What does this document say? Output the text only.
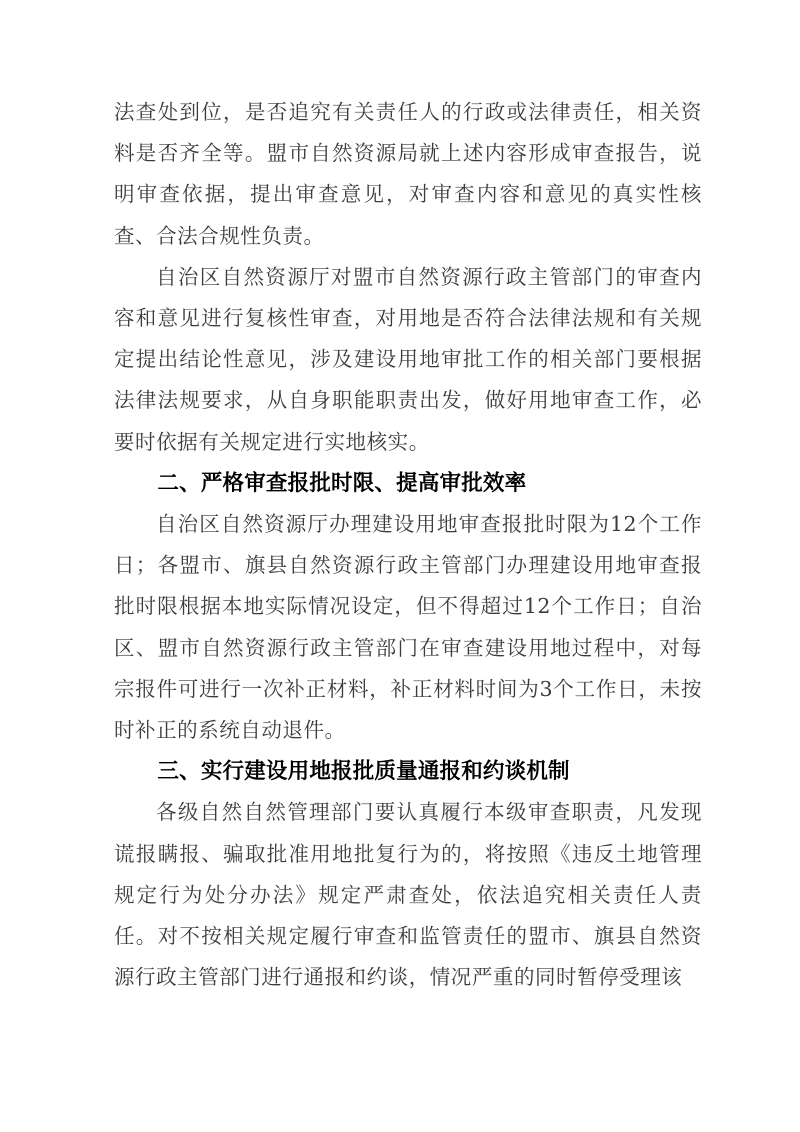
法查处到位，是否追究有关责任人的行政或法律责任，相关资料是否齐全等。盟市自然资源局就上述内容形成审查报告，说明审查依据，提出审查意见，对审查内容和意见的真实性核查、合法合规性负责。

自治区自然资源厅对盟市自然资源行政主管部门的审查内容和意见进行复核性审查，对用地是否符合法律法规和有关规定提出结论性意见，涉及建设用地审批工作的相关部门要根据法律法规要求，从自身职能职责出发，做好用地审查工作，必要时依据有关规定进行实地核实。

二、严格审查报批时限、提高审批效率

自治区自然资源厅办理建设用地审查报批时限为12个工作日；各盟市、旗县自然资源行政主管部门办理建设用地审查报批时限根据本地实际情况设定，但不得超过12个工作日；自治区、盟市自然资源行政主管部门在审查建设用地过程中，对每宗报件可进行一次补正材料，补正材料时间为3个工作日，未按时补正的系统自动退件。

三、实行建设用地报批质量通报和约谈机制

各级自然自然管理部门要认真履行本级审查职责，凡发现谎报瞒报、骗取批准用地批复行为的，将按照《违反土地管理规定行为处分办法》规定严肃查处，依法追究相关责任人责任。对不按相关规定履行审查和监管责任的盟市、旗县自然资源行政主管部门进行通报和约谈，情况严重的同时暂停受理该
